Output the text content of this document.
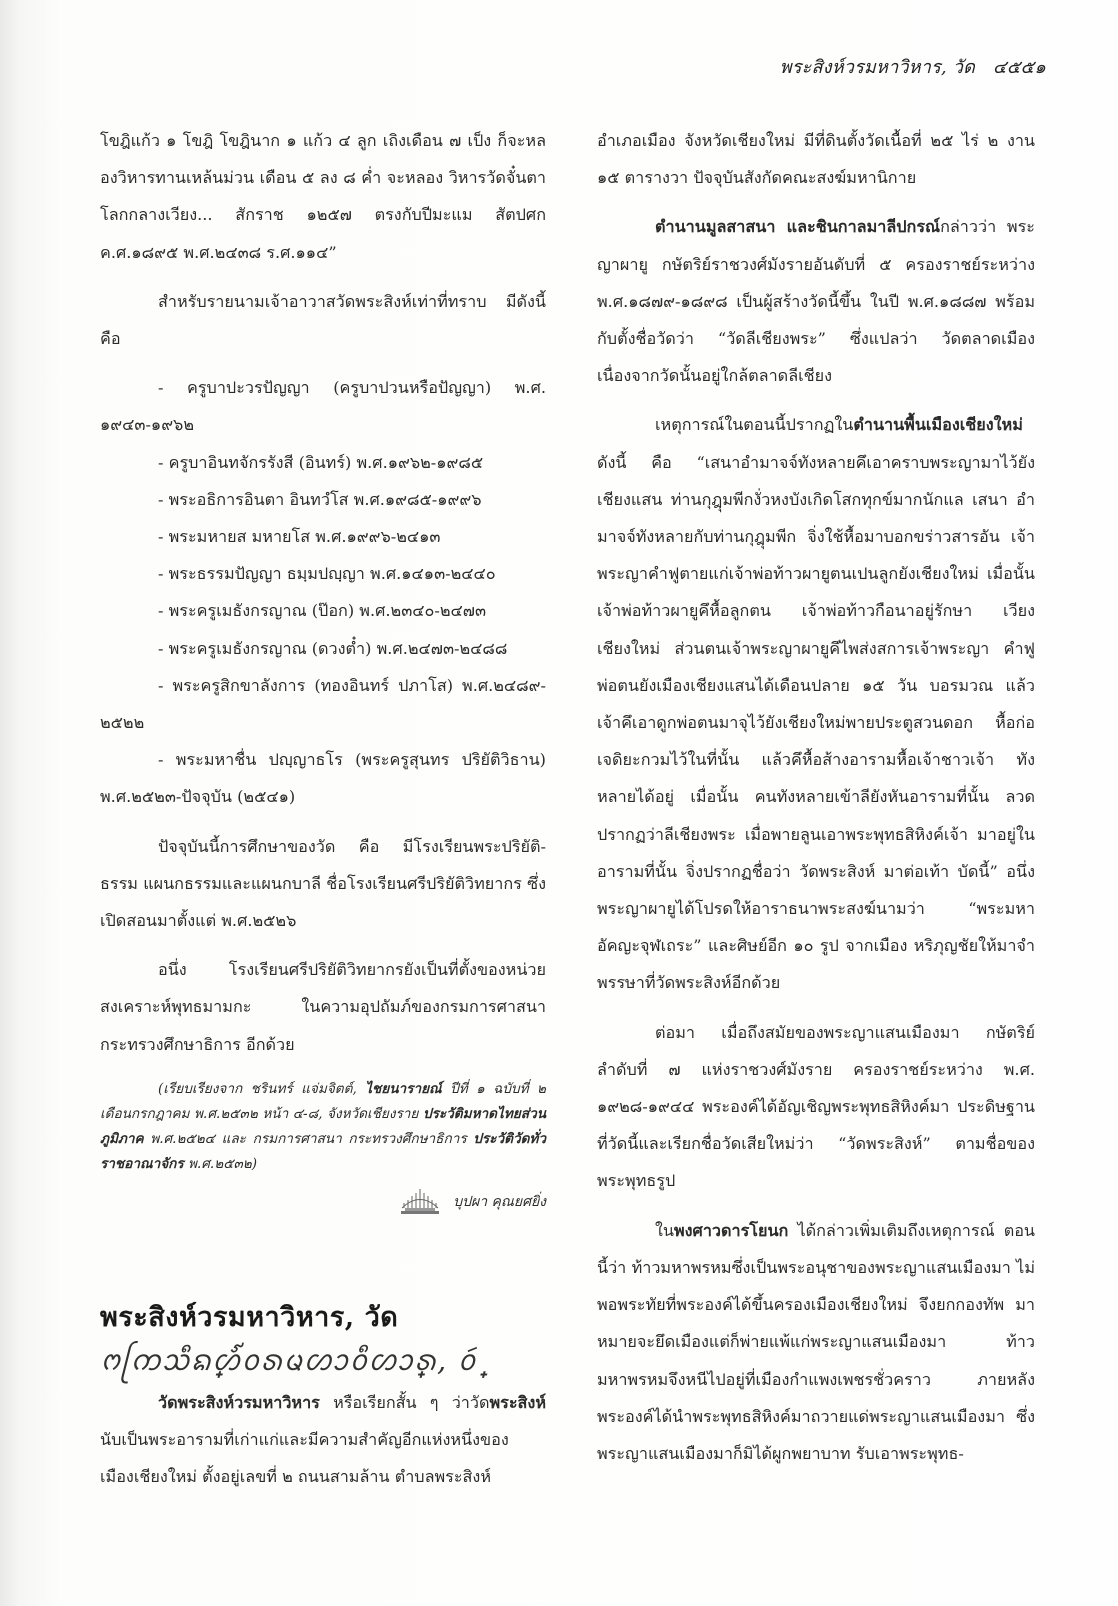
พระสิงห์วรมหาวิหาร, วัด ๔๕๕๑

โขฎิแก้ว ๑ โขฎิ โขฎินาก ๑ แก้ว ๔ ลูก เถิงเดือน ๗ เป็ง ก็จะหลองวิหารทานเหล้นม่วน เดือน ๕ ลง ๘ ค่ำ จะหลอง วิหารวัดจั๋นตาโลกกลางเวียง... สักราช ๑๒๕๗ ตรงกับปีมะแม สัตปศก ค.ศ.๑๘๙๕ พ.ศ.๒๔๓๘ ร.ศ.๑๑๔”

สำหรับรายนามเจ้าอาวาสวัดพระสิงห์เท่าที่ทราบ มีดังนี้ คือ

- ครูบาปะวรปัญญา (ครูบาปวนหรือปัญญา) พ.ศ. ๑๙๔๓-๑๙๖๒

- ครูบาอินทจักรรังสี (อินทร์) พ.ศ.๑๙๖๒-๑๙๘๕

- พระอธิการอินตา อินทวํโส พ.ศ.๑๙๘๕-๑๙๙๖

- พระมหายส มหายโส พ.ศ.๑๙๙๖-๒๔๑๓

- พระธรรมปัญญา ธมฺมปญฺญา พ.ศ.๑๔๑๓-๒๔๔๐

- พระครูเมธังกรญาณ (ป๊อก) พ.ศ.๒๓๔๐-๒๔๗๓

- พระครูเมธังกรญาณ (ดวงต๋ำ) พ.ศ.๒๔๗๓-๒๔๘๘

- พระครูสิกขาลังการ (ทองอินทร์ ปภาโส) พ.ศ.๒๔๘๙- ๒๕๒๒

- พระมหาชื่น ปญฺญาธโร (พระครูสุนทร ปริยัติวิธาน) พ.ศ.๒๕๒๓-ปัจจุบัน (๒๕๔๑)

ปัจจุบันนี้การศึกษาของวัด คือ มีโรงเรียนพระปริยัติ- ธรรม แผนกธรรมและแผนกบาลี ชื่อโรงเรียนศรีปริยัติวิทยากร ซึ่งเปิดสอนมาตั้งแต่ พ.ศ.๒๕๒๖

อนึ่ง โรงเรียนศรีปริยัติวิทยากรยังเป็นที่ตั้งของหน่วย สงเคราะห์พุทธมามกะ ในความอุปถัมภ์ของกรมการศาสนา กระทรวงศึกษาธิการ อีกด้วย

(เรียบเรียงจาก ชรินทร์ แจ่มจิตต์, ไชยนารายณ์ ปีที่ ๑ ฉบับที่ ๒ เดือนกรกฎาคม พ.ศ.๒๕๓๒ หน้า ๔-๘, จังหวัดเชียงราย ประวัติมหาดไทยส่วนภูมิภาค พ.ศ.๒๕๒๔ และ กรมการศาสนา กระทรวงศึกษาธิการ ประวัติวัดทั่วราชอาณาจักร พ.ศ.๒๕๓๒)

บุปผา คุณยศยิ่ง

พระสิงห์วรมหาวิหาร, วัด
ᨻᩕᨠᩈᩥᨦ᩠ᩉ᩼ᩅᩁᨾᩉᩣᩅᩥᩉᩣ᩠ᩁ, ᩅ᩠ᩢ

วัดพระสิงห์วรมหาวิหาร หรือเรียกสั้น ๆ ว่าวัดพระสิงห์ นับเป็นพระอารามที่เก่าแก่และมีความสำคัญอีกแห่งหนึ่งของ เมืองเชียงใหม่ ตั้งอยู่เลขที่ ๒ ถนนสามล้าน ตำบลพระสิงห์

อำเภอเมือง จังหวัดเชียงใหม่ มีที่ดินตั้งวัดเนื้อที่ ๒๕ ไร่ ๒ งาน ๑๕ ตารางวา ปัจจุบันสังกัดคณะสงฆ์มหานิกาย

ตำนานมูลสาสนา และชินกาลมาลีปกรณ์กล่าวว่า พระญาผายู กษัตริย์ราชวงศ์มังรายอันดับที่ ๕ ครองราชย์ระหว่าง พ.ศ.๑๘๗๙-๑๘๙๘ เป็นผู้สร้างวัดนี้ขึ้น ในปี พ.ศ.๑๘๘๗ พร้อมกับตั้งชื่อวัดว่า “วัดลีเชียงพระ” ซึ่งแปลว่า วัดตลาดเมือง เนื่องจากวัดนั้นอยู่ใกล้ตลาดลีเชียง

เหตุการณ์ในตอนนี้ปรากฏในตำนานพื้นเมืองเชียงใหม่ ดังนี้ คือ “เสนาอำมาจจ์ทังหลายคึเอาคราบพระญามาไว้ยัง เชียงแสน ท่านกุฎุมพีกงั่วหงบังเกิดโสกทุกข์มากนักแล เสนา อำมาจจ์ทังหลายกับท่านกุฎุมพีก จิ่งใช้หื้อมาบอกขร่าวสารอัน เจ้าพระญาคำฟูตายแก่เจ้าพ่อท้าวผายูตนเปนลูกยังเชียงใหม่ เมื่อนั้น เจ้าพ่อท้าวผายูคึหื้อลูกตน เจ้าพ่อท้าวกือนาอยู่รักษา เวียงเชียงใหม่ ส่วนตนเจ้าพระญาผายูคึไพส่งสการเจ้าพระญา คำฟูพ่อตนยังเมืองเชียงแสนได้เดือนปลาย ๑๕ วัน บอรมวณ แล้ว เจ้าคึเอาดูกพ่อตนมาจุไว้ยังเชียงใหม่พายประตูสวนดอก หื้อก่อเจดิยะกวมไว้ในที่นั้น แล้วคึหื้อส้างอารามหื้อเจ้าชาวเจ้า ทังหลายได้อยู่ เมื่อนั้น คนทังหลายเข้าลียังหันอารามที่นั้น ลวดปรากฏว่าลีเชียงพระ เมื่อพายลูนเอาพระพุทธสิหิงค์เจ้า มาอยู่ในอารามที่นั้น จิ่งปรากฏชื่อว่า วัดพระสิงห์ มาต่อเท้า บัดนี้” อนึ่ง พระญาผายูได้โปรดให้อาราธนาพระสงฆ์นามว่า “พระมหาอัคญะจุฬเถระ” และศิษย์อีก ๑๐ รูป จากเมือง หริภุญชัยให้มาจำพรรษาที่วัดพระสิงห์อีกด้วย

ต่อมา เมื่อถึงสมัยของพระญาแสนเมืองมา กษัตริย์ ลำดับที่ ๗ แห่งราชวงศ์มังราย ครองราชย์ระหว่าง พ.ศ. ๑๙๒๘-๑๙๔๔ พระองค์ได้อัญเชิญพระพุทธสิหิงค์มา ประดิษฐานที่วัดนี้และเรียกชื่อวัดเสียใหม่ว่า “วัดพระสิงห์” ตามชื่อของพระพุทธรูป

ในพงศาวดารโยนก ได้กล่าวเพิ่มเติมถึงเหตุการณ์ ตอนนี้ว่า ท้าวมหาพรหมซึ่งเป็นพระอนุชาของพระญาแสนเมืองมา ไม่พอพระทัยที่พระองค์ได้ขึ้นครองเมืองเชียงใหม่ จึงยกกองทัพ มาหมายจะยึดเมืองแต่ก็พ่ายแพ้แก่พระญาแสนเมืองมา ท้าว มหาพรหมจึงหนีไปอยู่ที่เมืองกำแพงเพชรชั่วคราว ภายหลัง พระองค์ได้นำพระพุทธสิหิงค์มาถวายแด่พระญาแสนเมืองมา ซึ่งพระญาแสนเมืองมาก็มิได้ผูกพยาบาท รับเอาพระพุทธ-
